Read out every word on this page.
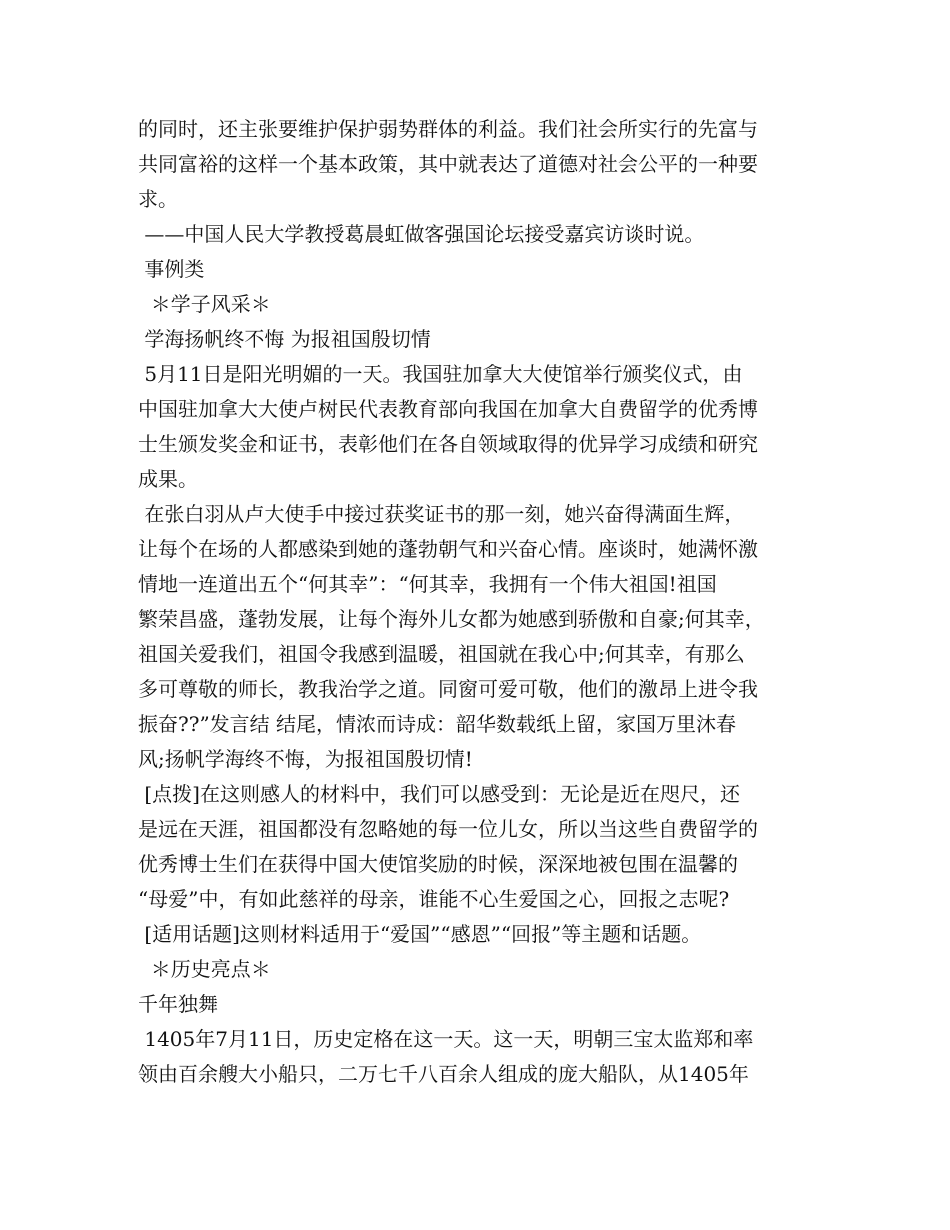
的同时，还主张要维护保护弱势群体的利益。我们社会所实行的先富与
共同富裕的这样一个基本政策，其中就表达了道德对社会公平的一种要
求。
——中国人民大学教授葛晨虹做客强国论坛接受嘉宾访谈时说。
事例类
＊学子风采＊
学海扬帆终不悔 为报祖国殷切情
5月11日是阳光明媚的一天。我国驻加拿大大使馆举行颁奖仪式，由
中国驻加拿大大使卢树民代表教育部向我国在加拿大自费留学的优秀博
士生颁发奖金和证书，表彰他们在各自领域取得的优异学习成绩和研究
成果。
在张白羽从卢大使手中接过获奖证书的那一刻，她兴奋得满面生辉，
让每个在场的人都感染到她的蓬勃朝气和兴奋心情。座谈时，她满怀激
情地一连道出五个“何其幸”：“何其幸，我拥有一个伟大祖国!祖国
繁荣昌盛，蓬勃发展，让每个海外儿女都为她感到骄傲和自豪;何其幸，
祖国关爱我们，祖国令我感到温暖，祖国就在我心中;何其幸，有那么
多可尊敬的师长，教我治学之道。同窗可爱可敬，他们的激昂上进令我
振奋??”发言结 结尾，情浓而诗成：韶华数载纸上留，家国万里沐春
风;扬帆学海终不悔，为报祖国殷切情!
[点拨]在这则感人的材料中，我们可以感受到：无论是近在咫尺，还
是远在天涯，祖国都没有忽略她的每一位儿女，所以当这些自费留学的
优秀博士生们在获得中国大使馆奖励的时候，深深地被包围在温馨的
“母爱”中，有如此慈祥的母亲，谁能不心生爱国之心，回报之志呢?
[适用话题]这则材料适用于“爱国”“感恩”“回报”等主题和话题。
＊历史亮点＊
千年独舞
1405年7月11日，历史定格在这一天。这一天，明朝三宝太监郑和率
领由百余艘大小船只，二万七千八百余人组成的庞大船队，从1405年
